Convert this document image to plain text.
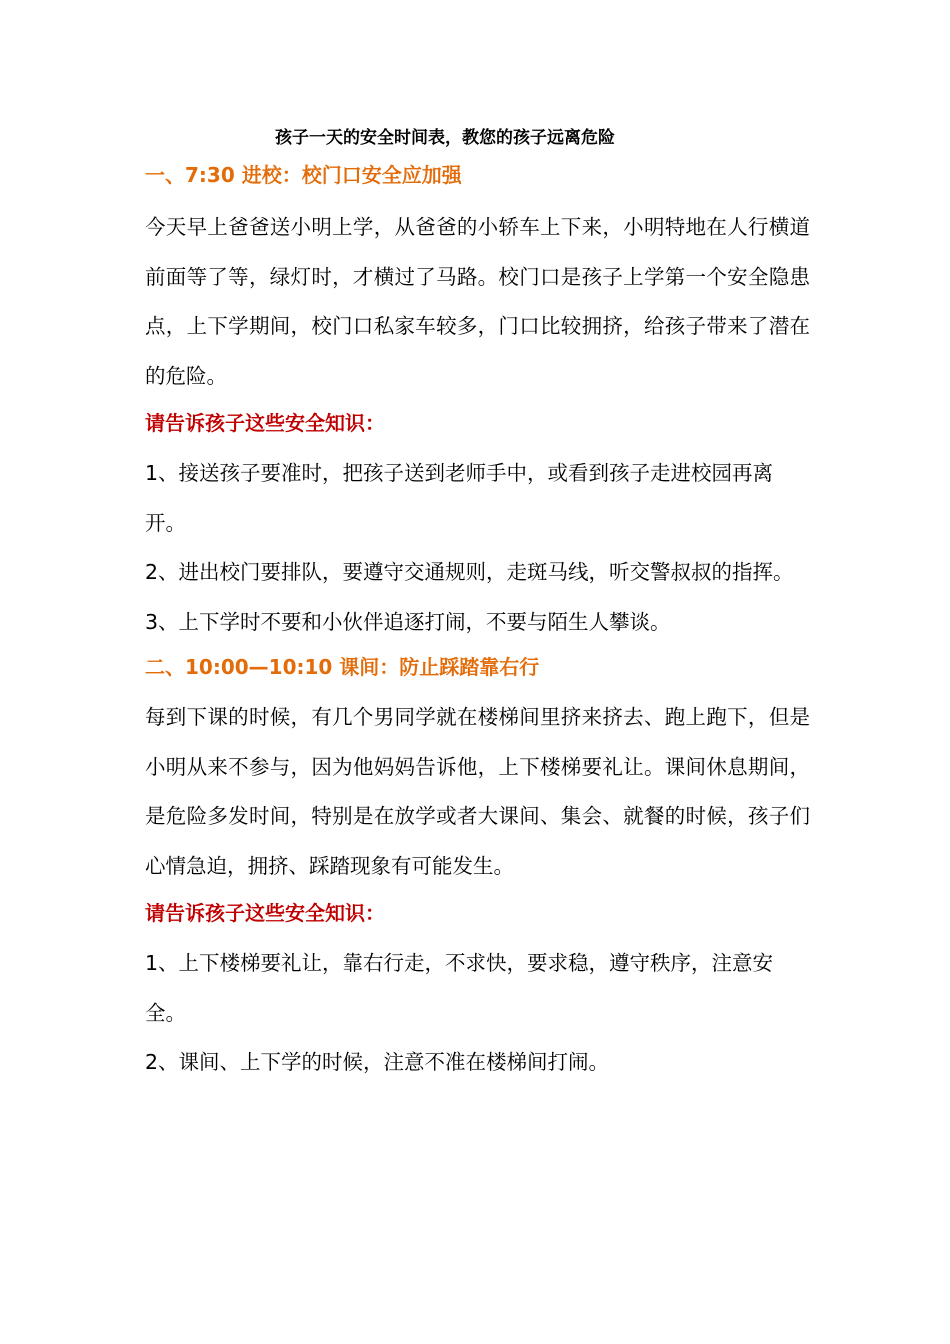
孩子一天的安全时间表，教您的孩子远离危险
一、7:30 进校：校门口安全应加强
今天早上爸爸送小明上学，从爸爸的小轿车上下来，小明特地在人行横道前面等了等，绿灯时，才横过了马路。校门口是孩子上学第一个安全隐患点，上下学期间，校门口私家车较多，门口比较拥挤，给孩子带来了潜在的危险。
请告诉孩子这些安全知识：
1、接送孩子要准时，把孩子送到老师手中，或看到孩子走进校园再离开。
2、进出校门要排队，要遵守交通规则，走斑马线，听交警叔叔的指挥。
3、上下学时不要和小伙伴追逐打闹，不要与陌生人攀谈。
二、10:00—10:10 课间：防止踩踏靠右行
每到下课的时候，有几个男同学就在楼梯间里挤来挤去、跑上跑下，但是小明从来不参与，因为他妈妈告诉他，上下楼梯要礼让。课间休息期间，是危险多发时间，特别是在放学或者大课间、集会、就餐的时候，孩子们心情急迫，拥挤、踩踏现象有可能发生。
请告诉孩子这些安全知识：
1、上下楼梯要礼让，靠右行走，不求快，要求稳，遵守秩序，注意安全。
2、课间、上下学的时候，注意不准在楼梯间打闹。
